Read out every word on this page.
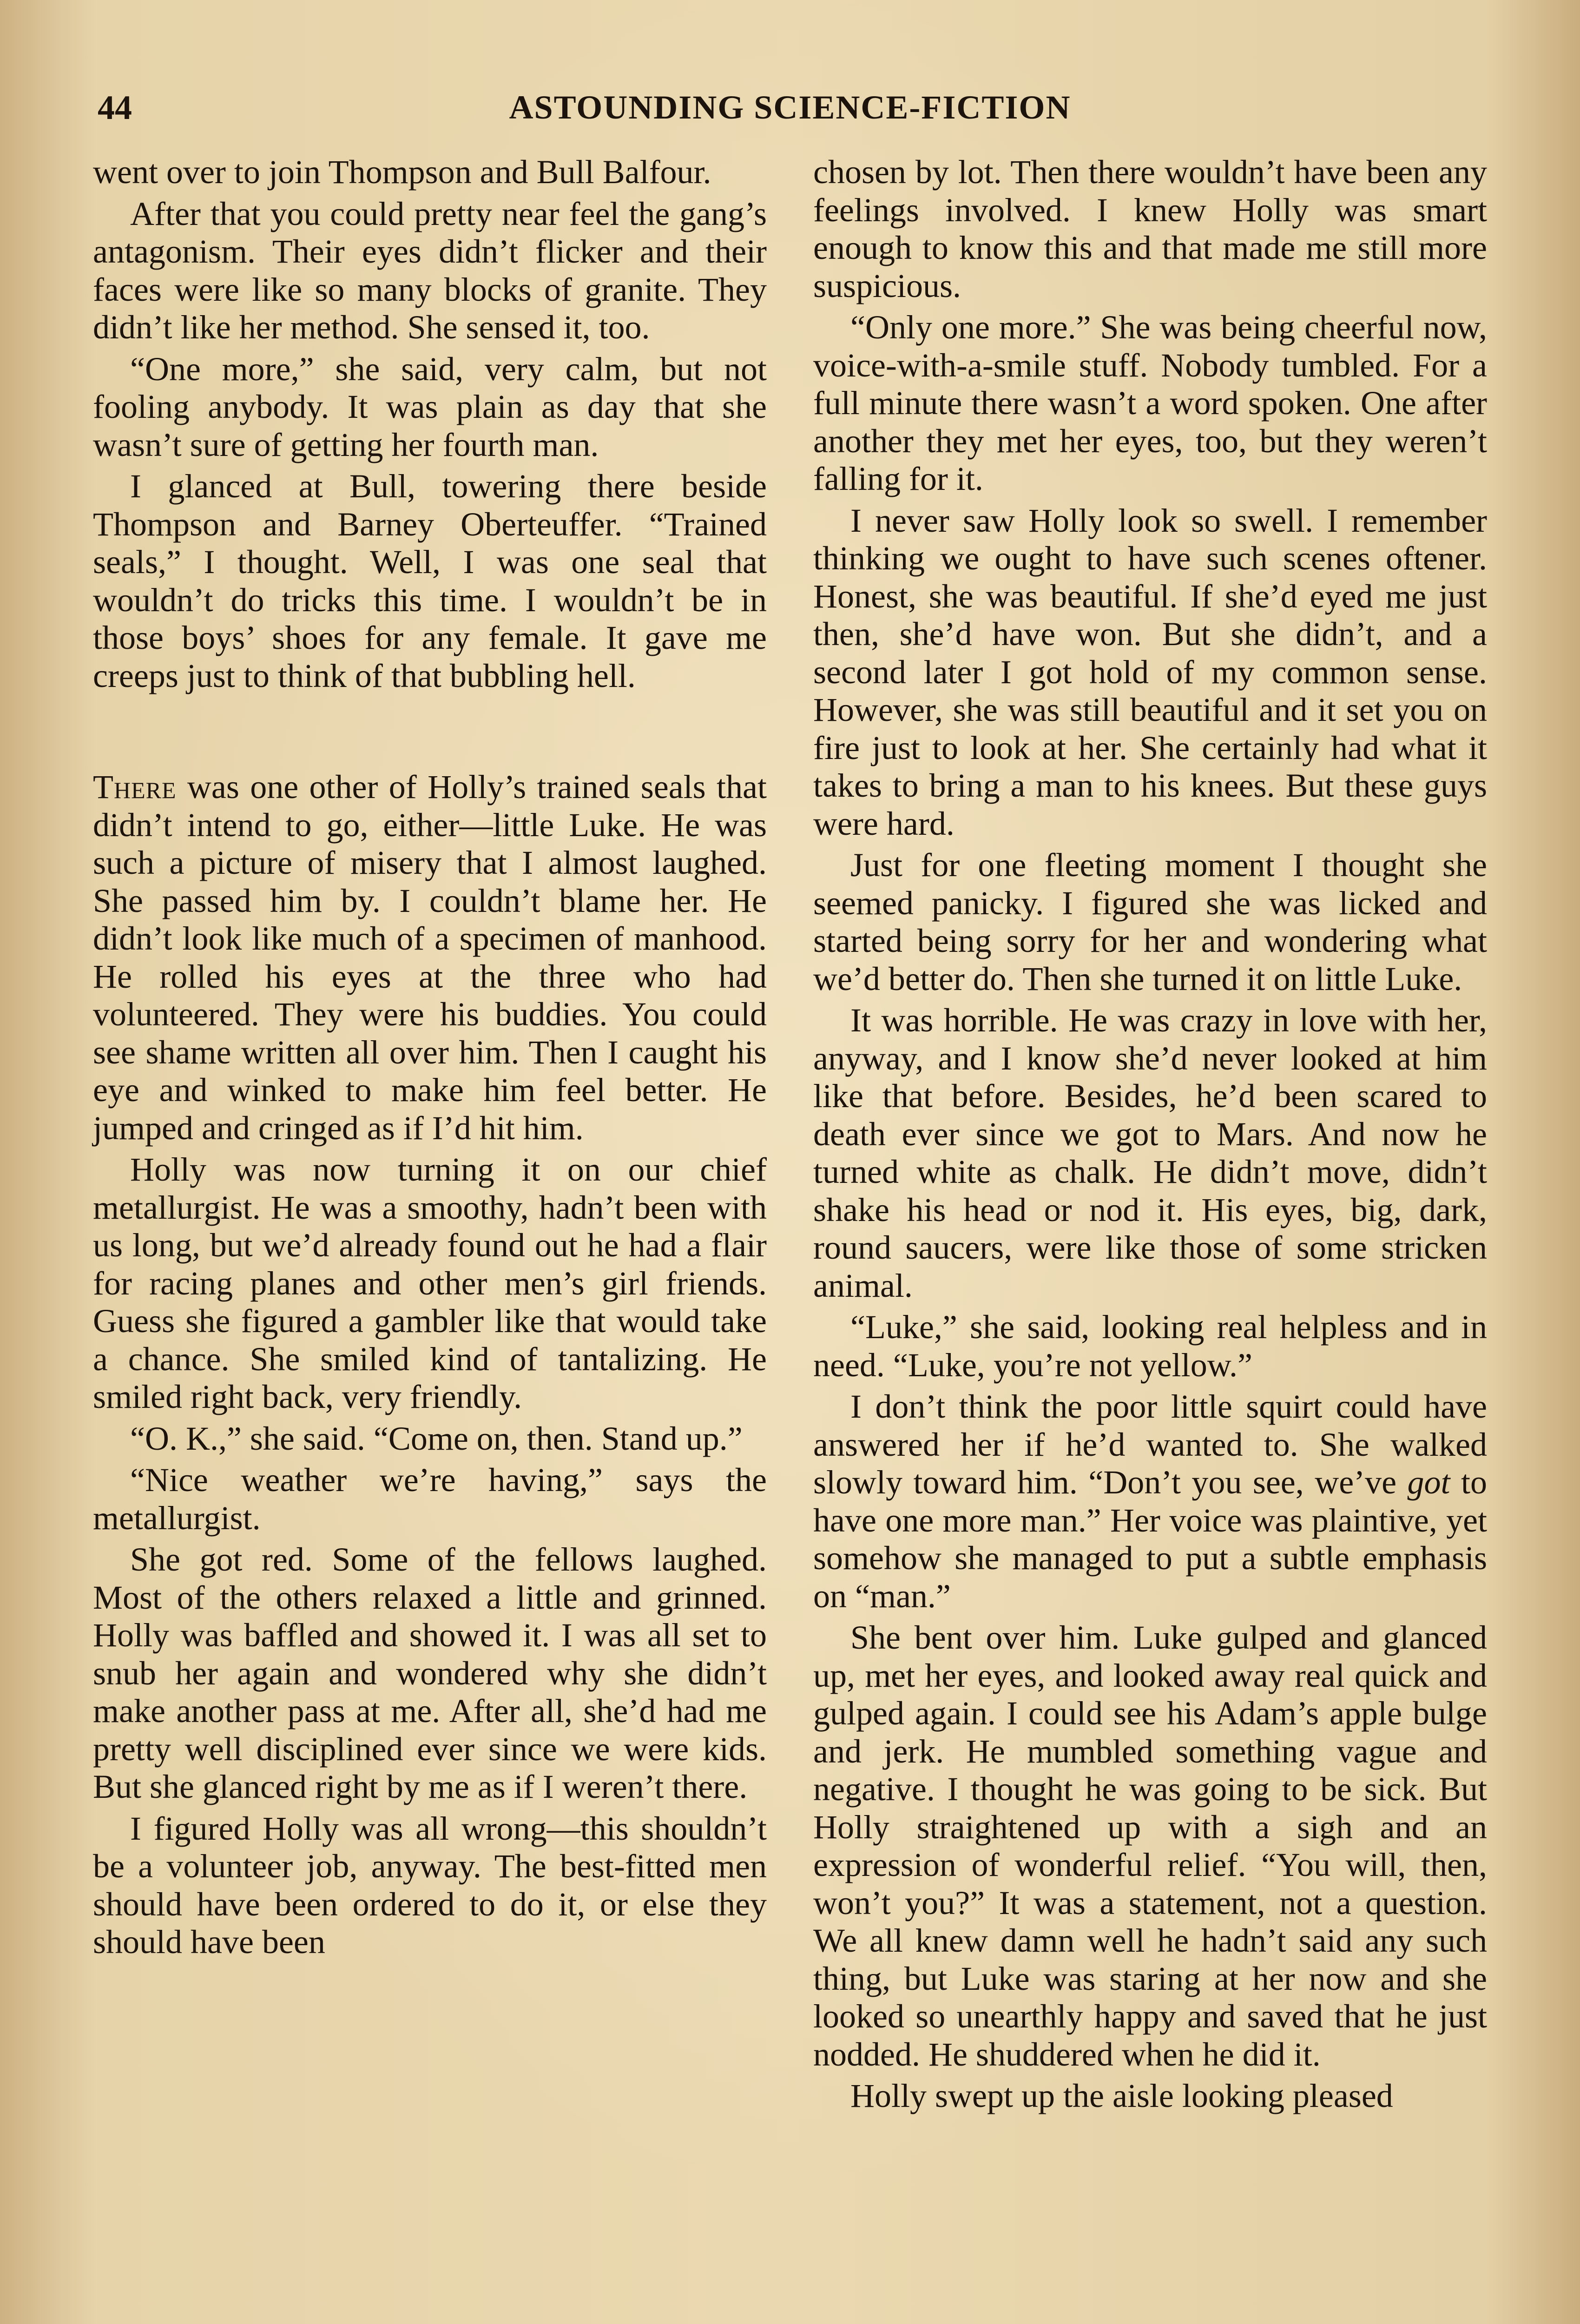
44	ASTOUNDING SCIENCE-FICTION

went over to join Thompson and Bull Balfour.

After that you could pretty near feel the gang’s antagonism. Their eyes didn’t flicker and their faces were like so many blocks of granite. They didn’t like her method. She sensed it, too.

“One more,” she said, very calm, but not fooling anybody. It was plain as day that she wasn’t sure of getting her fourth man.

I glanced at Bull, towering there beside Thompson and Barney Oberteuffer. “Trained seals,” I thought. Well, I was one seal that wouldn’t do tricks this time. I wouldn’t be in those boys’ shoes for any female. It gave me creeps just to think of that bubbling hell.

There was one other of Holly’s trained seals that didn’t intend to go, either—little Luke. He was such a picture of misery that I almost laughed. She passed him by. I couldn’t blame her. He didn’t look like much of a specimen of manhood. He rolled his eyes at the three who had volunteered. They were his buddies. You could see shame written all over him. Then I caught his eye and winked to make him feel better. He jumped and cringed as if I’d hit him.

Holly was now turning it on our chief metallurgist. He was a smoothy, hadn’t been with us long, but we’d already found out he had a flair for racing planes and other men’s girl friends. Guess she figured a gambler like that would take a chance. She smiled kind of tantalizing. He smiled right back, very friendly.

“O. K.,” she said. “Come on, then. Stand up.”

“Nice weather we’re having,” says the metallurgist.

She got red. Some of the fellows laughed. Most of the others relaxed a little and grinned. Holly was baffled and showed it. I was all set to snub her again and wondered why she didn’t make another pass at me. After all, she’d had me pretty well disciplined ever since we were kids. But she glanced right by me as if I weren’t there.

I figured Holly was all wrong—this shouldn’t be a volunteer job, anyway. The best-fitted men should have been ordered to do it, or else they should have been

chosen by lot. Then there wouldn’t have been any feelings involved. I knew Holly was smart enough to know this and that made me still more suspicious.

“Only one more.” She was being cheerful now, voice-with-a-smile stuff. Nobody tumbled. For a full minute there wasn’t a word spoken. One after another they met her eyes, too, but they weren’t falling for it.

I never saw Holly look so swell. I remember thinking we ought to have such scenes oftener. Honest, she was beautiful. If she’d eyed me just then, she’d have won. But she didn’t, and a second later I got hold of my common sense. However, she was still beautiful and it set you on fire just to look at her. She certainly had what it takes to bring a man to his knees. But these guys were hard.

Just for one fleeting moment I thought she seemed panicky. I figured she was licked and started being sorry for her and wondering what we’d better do. Then she turned it on little Luke.

It was horrible. He was crazy in love with her, anyway, and I know she’d never looked at him like that before. Besides, he’d been scared to death ever since we got to Mars. And now he turned white as chalk. He didn’t move, didn’t shake his head or nod it. His eyes, big, dark, round saucers, were like those of some stricken animal.

“Luke,” she said, looking real helpless and in need. “Luke, you’re not yellow.”

I don’t think the poor little squirt could have answered her if he’d wanted to. She walked slowly toward him. “Don’t you see, we’ve got to have one more man.” Her voice was plaintive, yet somehow she managed to put a subtle emphasis on “man.”

She bent over him. Luke gulped and glanced up, met her eyes, and looked away real quick and gulped again. I could see his Adam’s apple bulge and jerk. He mumbled something vague and negative. I thought he was going to be sick. But Holly straightened up with a sigh and an expression of wonderful relief. “You will, then, won’t you?” It was a statement, not a question. We all knew damn well he hadn’t said any such thing, but Luke was staring at her now and she looked so unearthly happy and saved that he just nodded. He shuddered when he did it.

Holly swept up the aisle looking pleased
